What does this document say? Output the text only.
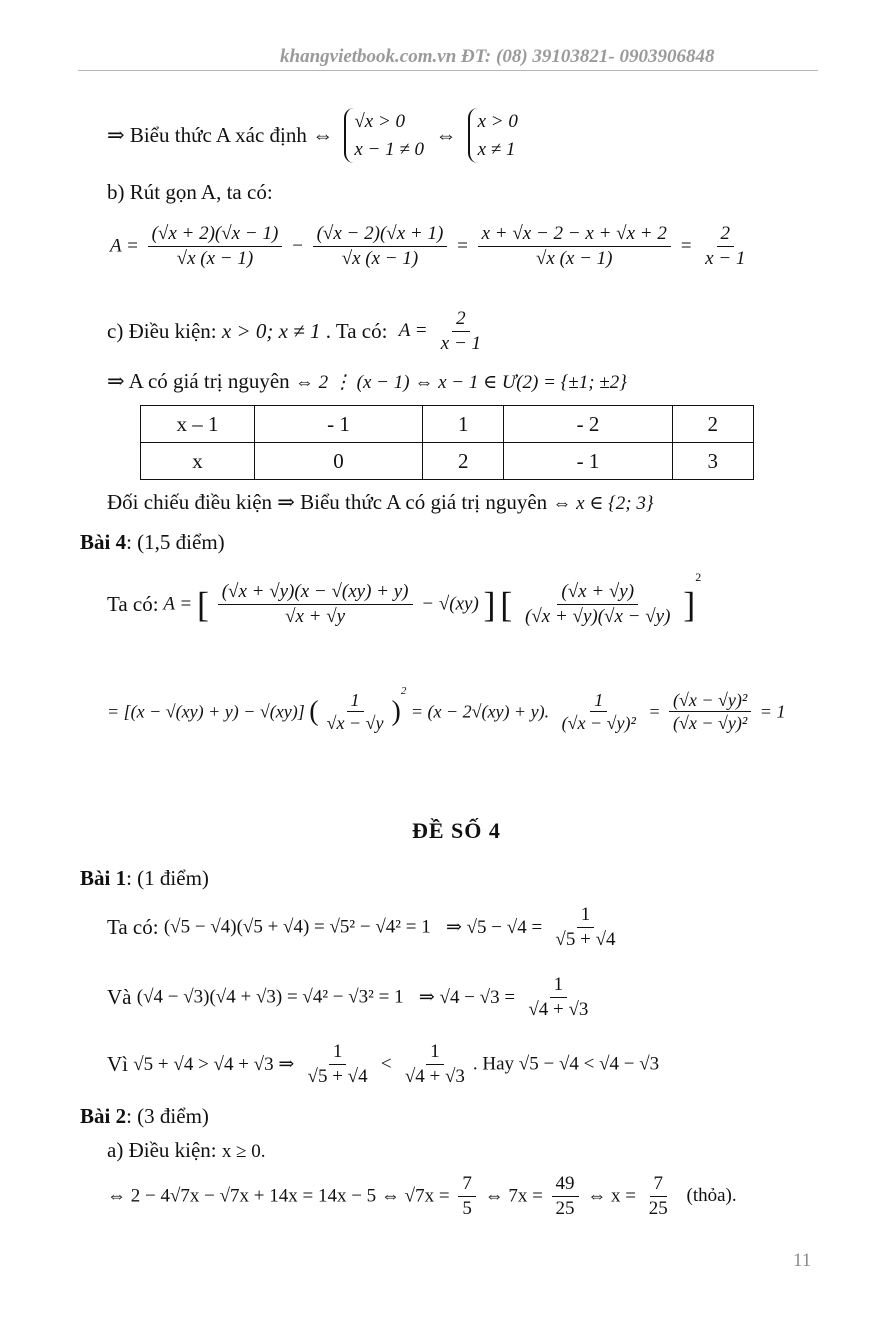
khangvietbook.com.vn ĐT: (08) 39103821- 0903906848
⇒ Biểu thức A xác định ⇔ √x > 0
x − 1 ≠ 0 ⇔ x > 0
x ≠ 1
b) Rút gọn A, ta có:
$A = \frac{(√x + 2)(√x - 1)}{√x (x - 1)} - \frac{(√x - 2)(√x + 1)}{√x (x - 1)} = \frac{x + √x - 2 - x + √x + 2}{√x (x - 1)} = \frac{2}{x - 1}$
c) Điều kiện: x > 0; x ≠ 1 . Ta có: $A = \frac{2}{x - 1}$
⇒ A có giá trị nguyên ⇔ 2 ⋮ (x − 1) ⇔ x − 1 ∈ Ư(2) = {±1; ±2}
x – 1	- 1	1	- 2	2
x	0	2	- 1	3
Đối chiếu điều kiện ⇒ Biểu thức A có giá trị nguyên ⇔ x ∈ {2; 3}
Bài 4: (1,5 điểm)
Ta có: A = [ $\frac{(√x + √y)(x - √(xy) + y)}{√x + √y} - √(xy)$ ] [ $\frac{(√x + √y)}{(√x + √y)(√x - √y)} ]^2$
= [(x − √(xy) + y) − √(xy)] ( $\frac{1}{√x - √y} )^2 = (x - 2√(xy) + y)$. $\frac{1}{\text{(√x − √y)²}} = \frac{\text{(√x − √y)²}}{\text{(√x − √y)²}} = 1$
ĐỀ SỐ 4
Bài 1: (1 điểm)
Ta có: (√5 − √4)(√5 + √4) = √5² − √4² = 1 ⇒ $√5 - √4 = \frac{1}{√5 + √4}$
Và (√4 − √3)(√4 + √3) = √4² − √3² = 1 ⇒ $√4 - √3 = \frac{1}{√4 + √3}$
Vì √5 + √4 > √4 + √3 ⇒ $\frac{1}{√5 + √4} < \frac{1}{√4 + √3}$ . Hay √5 − √4 < √4 − √3
Bài 2: (3 điểm)
a) Điều kiện: x ≥ 0.
⇔ 2 − 4√7x − √7x + 14x = 14x − 5 ⇔ $√7x = \frac{7}{5}$ ⇔ $7x = \frac{49}{25}$ ⇔ $x = \frac{7}{25}$ (thỏa).
11
